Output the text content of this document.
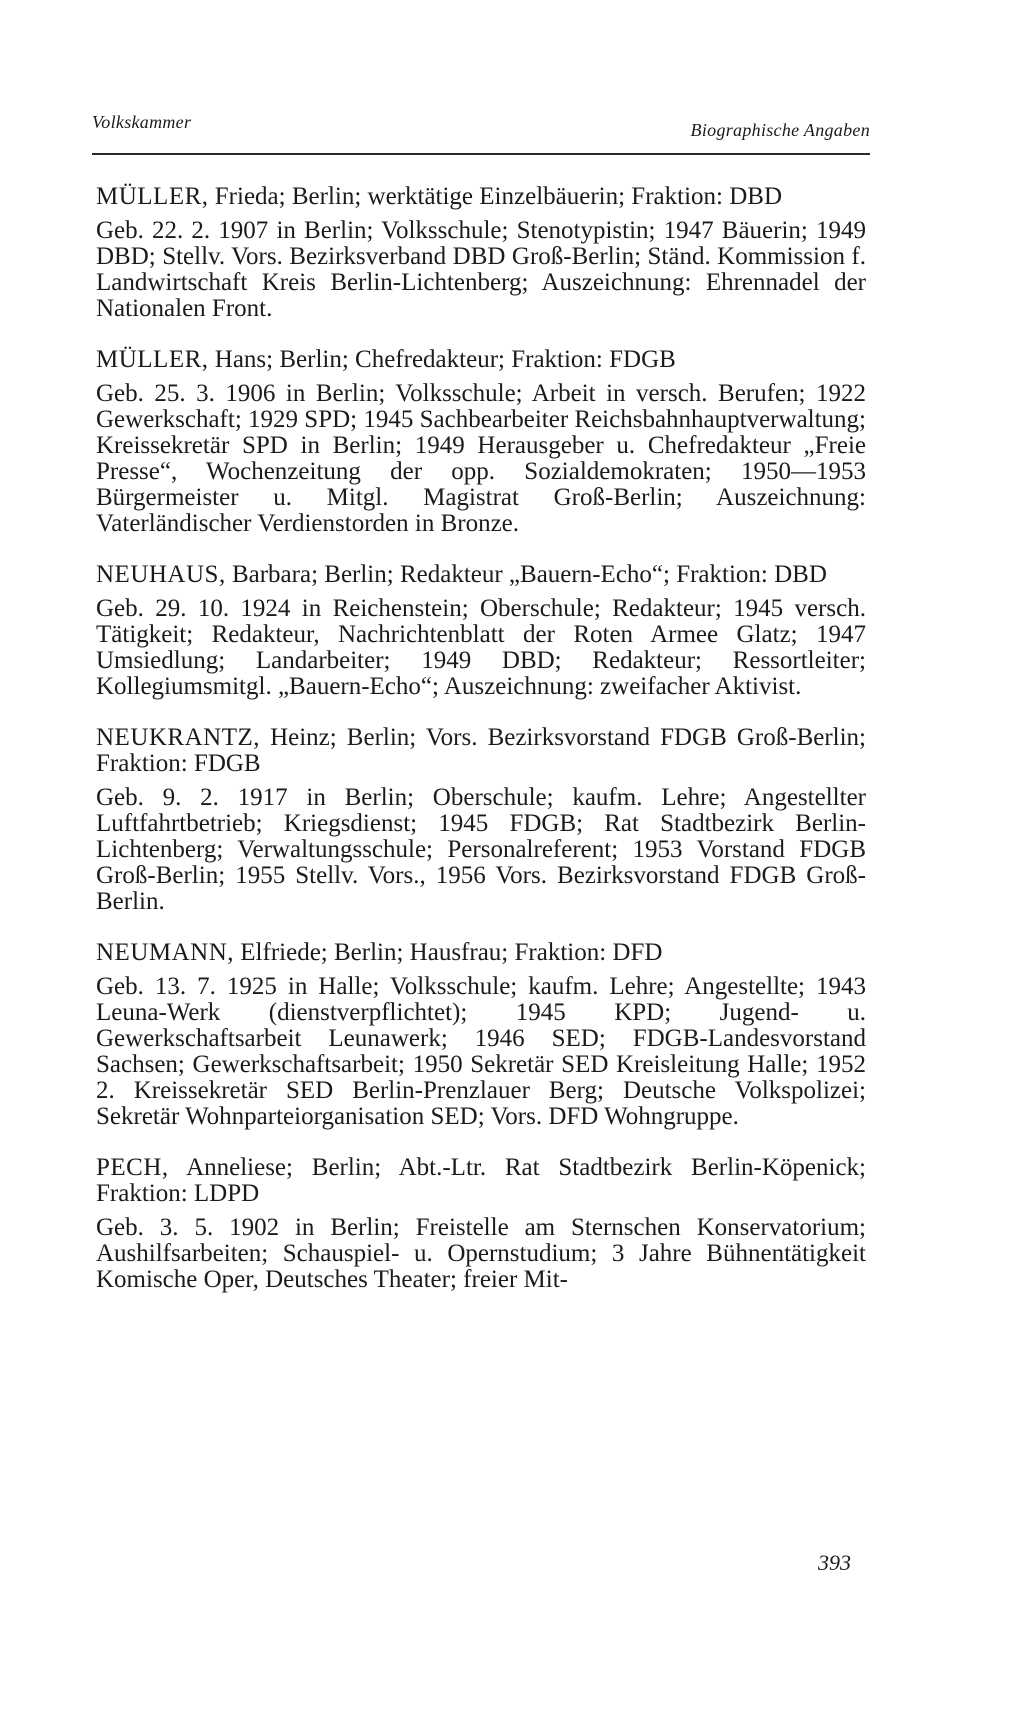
Volkskammer	Biographische Angaben

MÜLLER, Frieda; Berlin; werktätige Einzelbäuerin; Fraktion: DBD

Geb. 22. 2. 1907 in Berlin; Volksschule; Stenotypistin; 1947 Bäuerin; 1949 DBD; Stellv. Vors. Bezirksverband DBD Groß-Berlin; Ständ. Kommission f. Landwirtschaft Kreis Berlin-Lichtenberg; Auszeichnung: Ehrennadel der Nationalen Front.

MÜLLER, Hans; Berlin; Chefredakteur; Fraktion: FDGB

Geb. 25. 3. 1906 in Berlin; Volksschule; Arbeit in versch. Berufen; 1922 Gewerkschaft; 1929 SPD; 1945 Sachbearbeiter Reichsbahnhauptverwaltung; Kreissekretär SPD in Berlin; 1949 Herausgeber u. Chefredakteur „Freie Presse“, Wochenzeitung der opp. Sozialdemokraten; 1950—1953 Bürgermeister u. Mitgl. Magistrat Groß-Berlin; Auszeichnung: Vaterländischer Verdienstorden in Bronze.

NEUHAUS, Barbara; Berlin; Redakteur „Bauern-Echo“; Fraktion: DBD

Geb. 29. 10. 1924 in Reichenstein; Oberschule; Redakteur; 1945 versch. Tätigkeit; Redakteur, Nachrichtenblatt der Roten Armee Glatz; 1947 Umsiedlung; Landarbeiter; 1949 DBD; Redakteur; Ressortleiter; Kollegiumsmitgl. „Bauern-Echo“; Auszeichnung: zweifacher Aktivist.

NEUKRANTZ, Heinz; Berlin; Vors. Bezirksvorstand FDGB Groß-Berlin; Fraktion: FDGB

Geb. 9. 2. 1917 in Berlin; Oberschule; kaufm. Lehre; Angestellter Luftfahrtbetrieb; Kriegsdienst; 1945 FDGB; Rat Stadtbezirk Berlin-Lichtenberg; Verwaltungsschule; Personalreferent; 1953 Vorstand FDGB Groß-Berlin; 1955 Stellv. Vors., 1956 Vors. Bezirksvorstand FDGB Groß-Berlin.

NEUMANN, Elfriede; Berlin; Hausfrau; Fraktion: DFD

Geb. 13. 7. 1925 in Halle; Volksschule; kaufm. Lehre; Angestellte; 1943 Leuna-Werk (dienstverpflichtet); 1945 KPD; Jugend- u. Gewerkschaftsarbeit Leunawerk; 1946 SED; FDGB-Landesvorstand Sachsen; Gewerkschaftsarbeit; 1950 Sekretär SED Kreisleitung Halle; 1952 2. Kreissekretär SED Berlin-Prenzlauer Berg; Deutsche Volkspolizei; Sekretär Wohnparteiorganisation SED; Vors. DFD Wohngruppe.

PECH, Anneliese; Berlin; Abt.-Ltr. Rat Stadtbezirk Berlin-Köpenick; Fraktion: LDPD

Geb. 3. 5. 1902 in Berlin; Freistelle am Sternschen Konservatorium; Aushilfsarbeiten; Schauspiel- u. Opernstudium; 3 Jahre Bühnentätigkeit Komische Oper, Deutsches Theater; freier Mit-

393
